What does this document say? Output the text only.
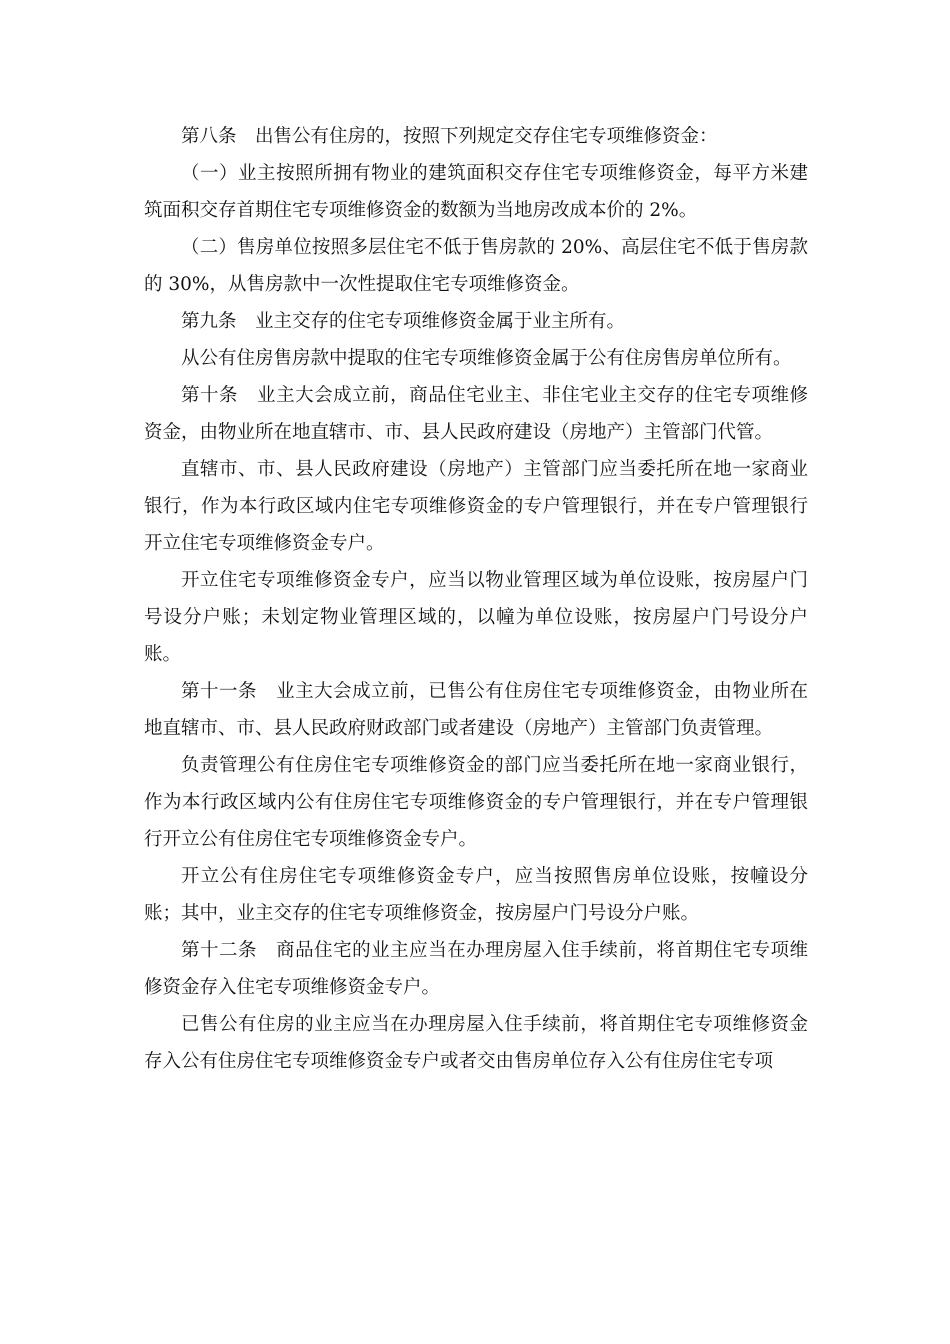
第八条　出售公有住房的，按照下列规定交存住宅专项维修资金：

（一）业主按照所拥有物业的建筑面积交存住宅专项维修资金，每平方米建筑面积交存首期住宅专项维修资金的数额为当地房改成本价的 2%。

（二）售房单位按照多层住宅不低于售房款的 20%、高层住宅不低于售房款的 30%，从售房款中一次性提取住宅专项维修资金。

第九条　业主交存的住宅专项维修资金属于业主所有。

从公有住房售房款中提取的住宅专项维修资金属于公有住房售房单位所有。

第十条　业主大会成立前，商品住宅业主、非住宅业主交存的住宅专项维修资金，由物业所在地直辖市、市、县人民政府建设（房地产）主管部门代管。

直辖市、市、县人民政府建设（房地产）主管部门应当委托所在地一家商业银行，作为本行政区域内住宅专项维修资金的专户管理银行，并在专户管理银行开立住宅专项维修资金专户。

开立住宅专项维修资金专户，应当以物业管理区域为单位设账，按房屋户门号设分户账；未划定物业管理区域的，以幢为单位设账，按房屋户门号设分户账。

第十一条　业主大会成立前，已售公有住房住宅专项维修资金，由物业所在地直辖市、市、县人民政府财政部门或者建设（房地产）主管部门负责管理。

负责管理公有住房住宅专项维修资金的部门应当委托所在地一家商业银行，作为本行政区域内公有住房住宅专项维修资金的专户管理银行，并在专户管理银行开立公有住房住宅专项维修资金专户。

开立公有住房住宅专项维修资金专户，应当按照售房单位设账，按幢设分账；其中，业主交存的住宅专项维修资金，按房屋户门号设分户账。

第十二条　商品住宅的业主应当在办理房屋入住手续前，将首期住宅专项维修资金存入住宅专项维修资金专户。

已售公有住房的业主应当在办理房屋入住手续前，将首期住宅专项维修资金存入公有住房住宅专项维修资金专户或者交由售房单位存入公有住房住宅专项
